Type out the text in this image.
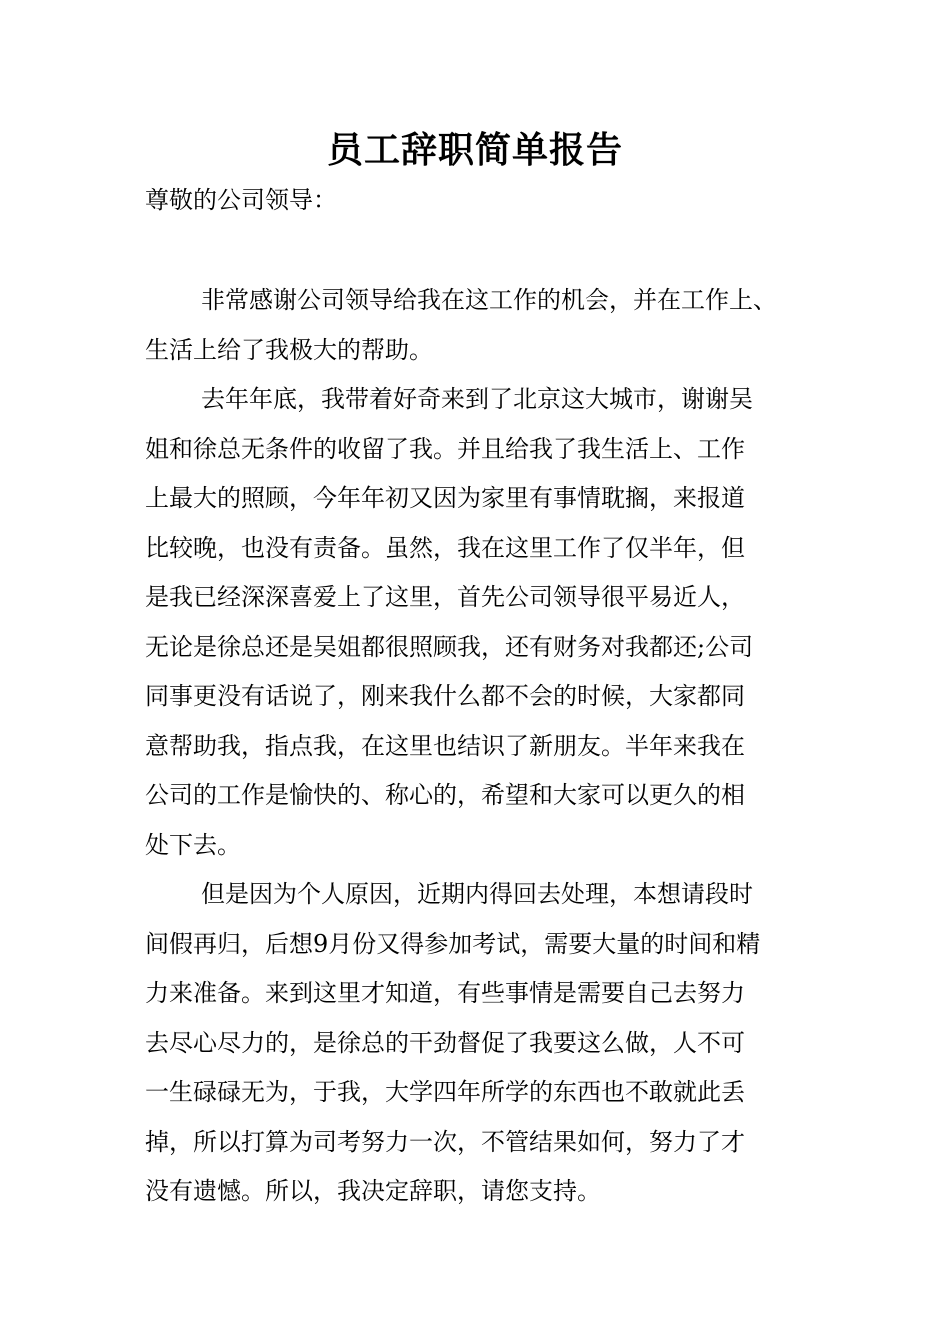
员工辞职简单报告
尊敬的公司领导：
非常感谢公司领导给我在这工作的机会，并在工作上、
生活上给了我极大的帮助。
去年年底，我带着好奇来到了北京这大城市，谢谢吴
姐和徐总无条件的收留了我。并且给我了我生活上、工作
上最大的照顾，今年年初又因为家里有事情耽搁，来报道
比较晚，也没有责备。虽然，我在这里工作了仅半年，但
是我已经深深喜爱上了这里，首先公司领导很平易近人，
无论是徐总还是吴姐都很照顾我，还有财务对我都还;公司
同事更没有话说了，刚来我什么都不会的时候，大家都同
意帮助我，指点我，在这里也结识了新朋友。半年来我在
公司的工作是愉快的、称心的，希望和大家可以更久的相
处下去。
但是因为个人原因，近期内得回去处理，本想请段时
间假再归，后想9月份又得参加考试，需要大量的时间和精
力来准备。来到这里才知道，有些事情是需要自己去努力
去尽心尽力的，是徐总的干劲督促了我要这么做，人不可
一生碌碌无为，于我，大学四年所学的东西也不敢就此丢
掉，所以打算为司考努力一次，不管结果如何，努力了才
没有遗憾。所以，我决定辞职，请您支持。
